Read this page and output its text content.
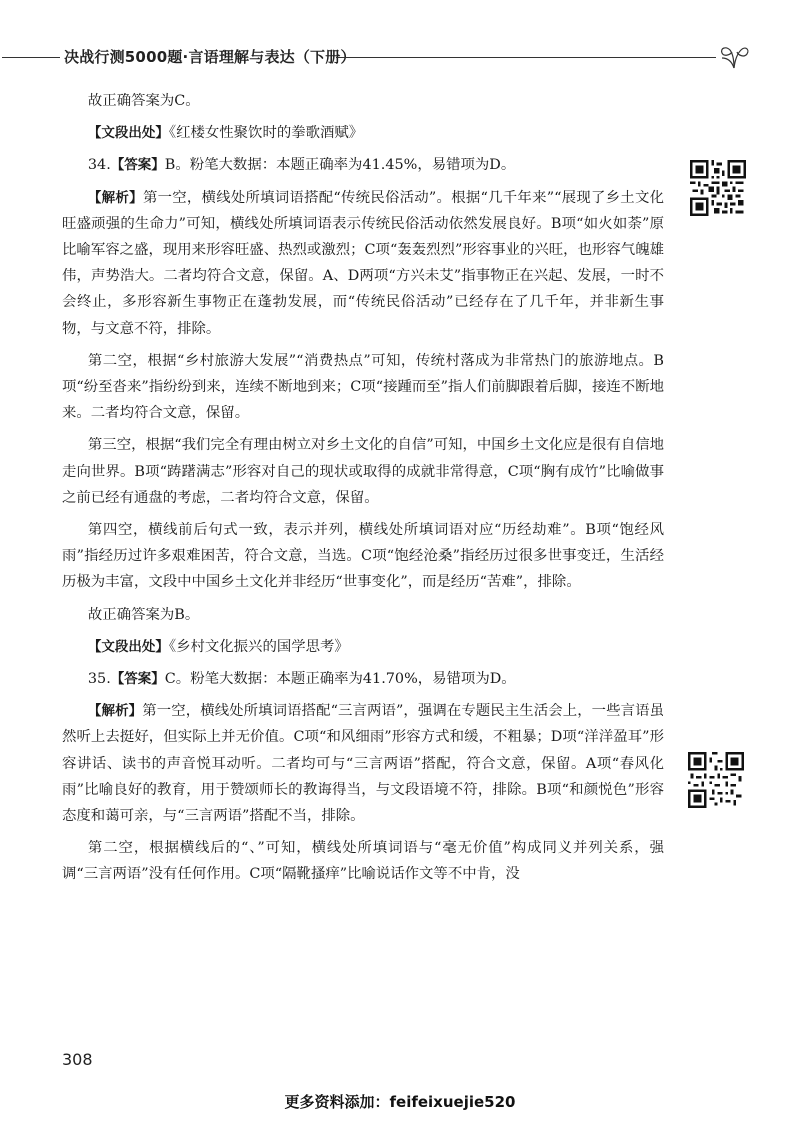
决战行测5000题·言语理解与表达（下册）

故正确答案为C。

【文段出处】《红楼女性聚饮时的拳歌酒赋》

34.【答案】B。粉笔大数据：本题正确率为41.45%，易错项为D。

【解析】第一空，横线处所填词语搭配“传统民俗活动”。根据“几千年来”“展现了乡土文化旺盛顽强的生命力”可知，横线处所填词语表示传统民俗活动依然发展良好。B项“如火如荼”原比喻军容之盛，现用来形容旺盛、热烈或激烈；C项“轰轰烈烈”形容事业的兴旺，也形容气魄雄伟，声势浩大。二者均符合文意，保留。A、D两项“方兴未艾”指事物正在兴起、发展，一时不会终止，多形容新生事物正在蓬勃发展，而“传统民俗活动”已经存在了几千年，并非新生事物，与文意不符，排除。

第二空，根据“乡村旅游大发展”“消费热点”可知，传统村落成为非常热门的旅游地点。B项“纷至沓来”指纷纷到来，连续不断地到来；C项“接踵而至”指人们前脚跟着后脚，接连不断地来。二者均符合文意，保留。

第三空，根据“我们完全有理由树立对乡土文化的自信”可知，中国乡土文化应是很有自信地走向世界。B项“踌躇满志”形容对自己的现状或取得的成就非常得意，C项“胸有成竹”比喻做事之前已经有通盘的考虑，二者均符合文意，保留。

第四空，横线前后句式一致，表示并列，横线处所填词语对应“历经劫难”。B项“饱经风雨”指经历过许多艰难困苦，符合文意，当选。C项“饱经沧桑”指经历过很多世事变迁，生活经历极为丰富，文段中中国乡土文化并非经历“世事变化”，而是经历“苦难”，排除。

故正确答案为B。

【文段出处】《乡村文化振兴的国学思考》

35.【答案】C。粉笔大数据：本题正确率为41.70%，易错项为D。

【解析】第一空，横线处所填词语搭配“三言两语”，强调在专题民主生活会上，一些言语虽然听上去挺好，但实际上并无价值。C项“和风细雨”形容方式和缓，不粗暴；D项“洋洋盈耳”形容讲话、读书的声音悦耳动听。二者均可与“三言两语”搭配，符合文意，保留。A项“春风化雨”比喻良好的教育，用于赞颂师长的教诲得当，与文段语境不符，排除。B项“和颜悦色”形容态度和蔼可亲，与“三言两语”搭配不当，排除。

第二空，根据横线后的“、”可知，横线处所填词语与“毫无价值”构成同义并列关系，强调“三言两语”没有任何作用。C项“隔靴搔痒”比喻说话作文等不中肯，没

308
更多资料添加：feifeixuejie520
